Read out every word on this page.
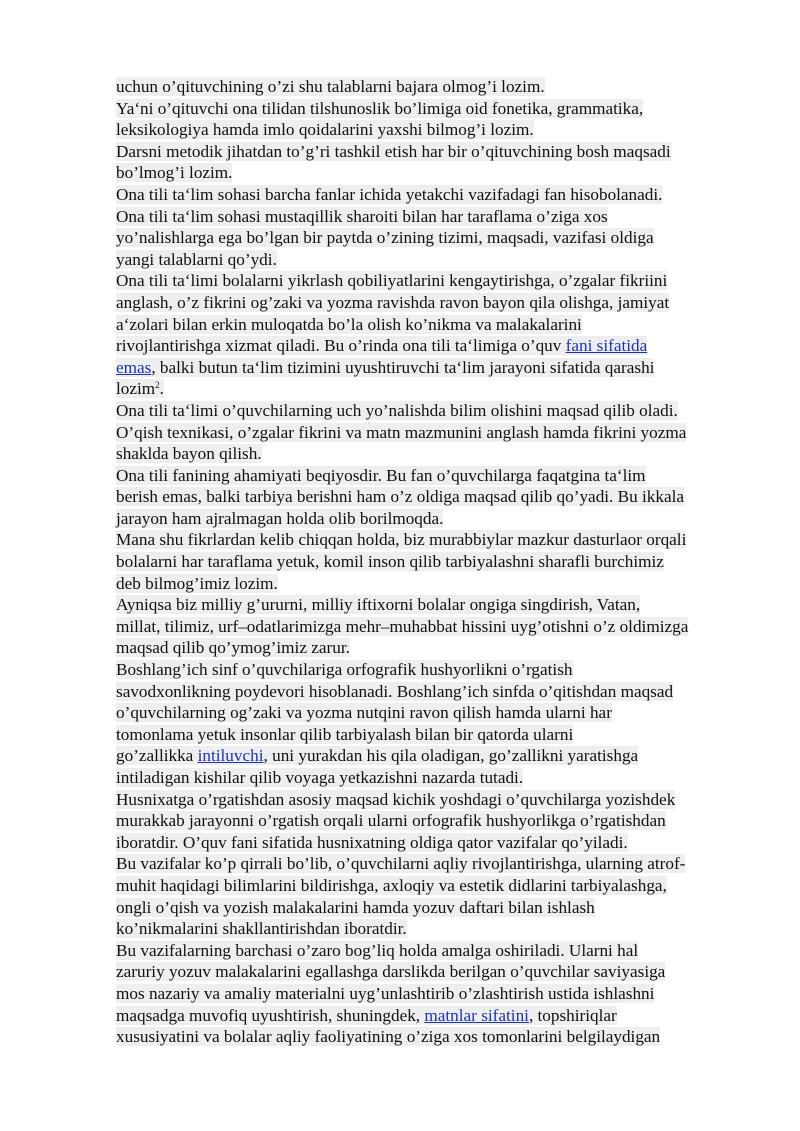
uchun o’qituvchining o’zi shu talablarni bajara olmog’i lozim.
Ya‘ni o’qituvchi ona tilidan tilshunoslik bo’limiga oid fonetika, grammatika,
leksikologiya hamda imlo qoidalarini yaxshi bilmog’i lozim.
Darsni metodik jihatdan to’g’ri tashkil etish har bir o’qituvchining bosh maqsadi
bo’lmog’i lozim.
Ona tili ta‘lim sohasi barcha fanlar ichida yetakchi vazifadagi fan hisobolanadi.
Ona tili ta‘lim sohasi mustaqillik sharoiti bilan har taraflama o’ziga xos
yo’nalishlarga ega bo’lgan bir paytda o’zining tizimi, maqsadi, vazifasi oldiga
yangi talablarni qo’ydi.
Ona tili ta‘limi bolalarni yikrlash qobiliyatlarini kengaytirishga, o’zgalar fikriini
anglash, o’z fikrini og’zaki va yozma ravishda ravon bayon qila olishga, jamiyat
a‘zolari bilan erkin muloqatda bo’la olish ko’nikma va malakalarini
rivojlantirishga xizmat qiladi. Bu o’rinda ona tili ta‘limiga o’quv fani sifatida
emas, balki butun ta‘lim tizimini uyushtiruvchi ta‘lim jarayoni sifatida qarashi
lozim$^2$.
Ona tili ta‘limi o’quvchilarning uch yo’nalishda bilim olishini maqsad qilib oladi.
O’qish texnikasi, o’zgalar fikrini va matn mazmunini anglash hamda fikrini yozma
shaklda bayon qilish.
Ona tili fanining ahamiyati beqiyosdir. Bu fan o’quvchilarga faqatgina ta‘lim
berish emas, balki tarbiya berishni ham o’z oldiga maqsad qilib qo’yadi. Bu ikkala
jarayon ham ajralmagan holda olib borilmoqda.
Mana shu fikrlardan kelib chiqqan holda, biz murabbiylar mazkur dasturlaor orqali
bolalarni har taraflama yetuk, komil inson qilib tarbiyalashni sharafli burchimiz
deb bilmog’imiz lozim.
Ayniqsa biz milliy g’ururni, milliy iftixorni bolalar ongiga singdirish, Vatan,
millat, tilimiz, urf–odatlarimizga mehr–muhabbat hissini uyg’otishni o’z oldimizga
maqsad qilib qo’ymog’imiz zarur.
Boshlang’ich sinf o’quvchilariga orfografik hushyorlikni o’rgatish
savodxonlikning poydevori hisoblanadi. Boshlang’ich sinfda o’qitishdan maqsad
o’quvchilarning og’zaki va yozma nutqini ravon qilish hamda ularni har
tomonlama yetuk insonlar qilib tarbiyalash bilan bir qatorda ularni
go’zallikka intiluvchi, uni yurakdan his qila oladigan, go’zallikni yaratishga
intiladigan kishilar qilib voyaga yetkazishni nazarda tutadi.
Husnixatga o’rgatishdan asosiy maqsad kichik yoshdagi o’quvchilarga yozishdek
murakkab jarayonni o’rgatish orqali ularni orfografik hushyorlikga o’rgatishdan
iboratdir. O’quv fani sifatida husnixatning oldiga qator vazifalar qo’yiladi.
Bu vazifalar ko’p qirrali bo’lib, o’quvchilarni aqliy rivojlantirishga, ularning atrof-
muhit haqidagi bilimlarini bildirishga, axloqiy va estetik didlarini tarbiyalashga,
ongli o’qish va yozish malakalarini hamda yozuv daftari bilan ishlash
ko’nikmalarini shakllantirishdan iboratdir.
Bu vazifalarning barchasi o’zaro bog’liq holda amalga oshiriladi. Ularni hal
zaruriy yozuv malakalarini egallashga darslikda berilgan o’quvchilar saviyasiga
mos nazariy va amaliy materialni uyg’unlashtirib o’zlashtirish ustida ishlashni
maqsadga muvofiq uyushtirish, shuningdek, matnlar sifatini, topshiriqlar
xususiyatini va bolalar aqliy faoliyatining o’ziga xos tomonlarini belgilaydigan
